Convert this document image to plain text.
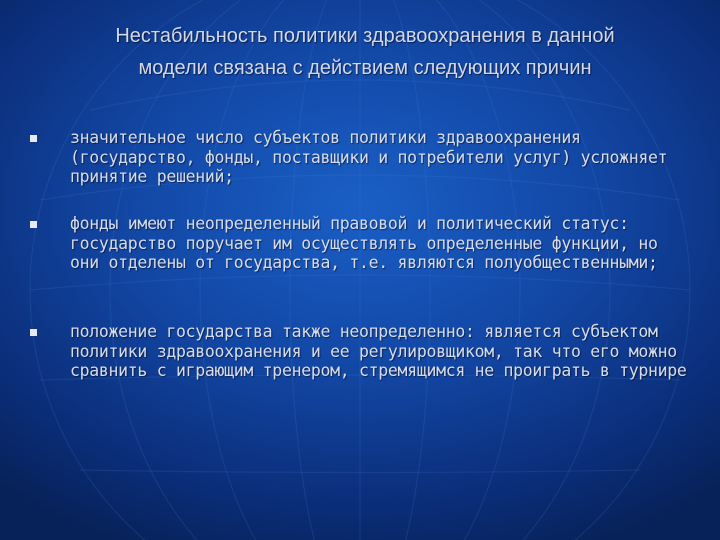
Нестабильность политики здравоохранения в данной
модели связана с действием следующих причин
значительное число субъектов политики здравоохранения (государство, фонды, поставщики и потребители услуг) усложняет принятие решений;
фонды имеют неопределенный правовой и политический статус: государство поручает им осуществлять определенные функции, но они отделены от государства, т.е. являются полуобщественными;
положение государства также неопределенно: является субъектом политики здравоохранения и ее регулировщиком, так что его можно сравнить с играющим тренером, стремящимся не проиграть в турнире
